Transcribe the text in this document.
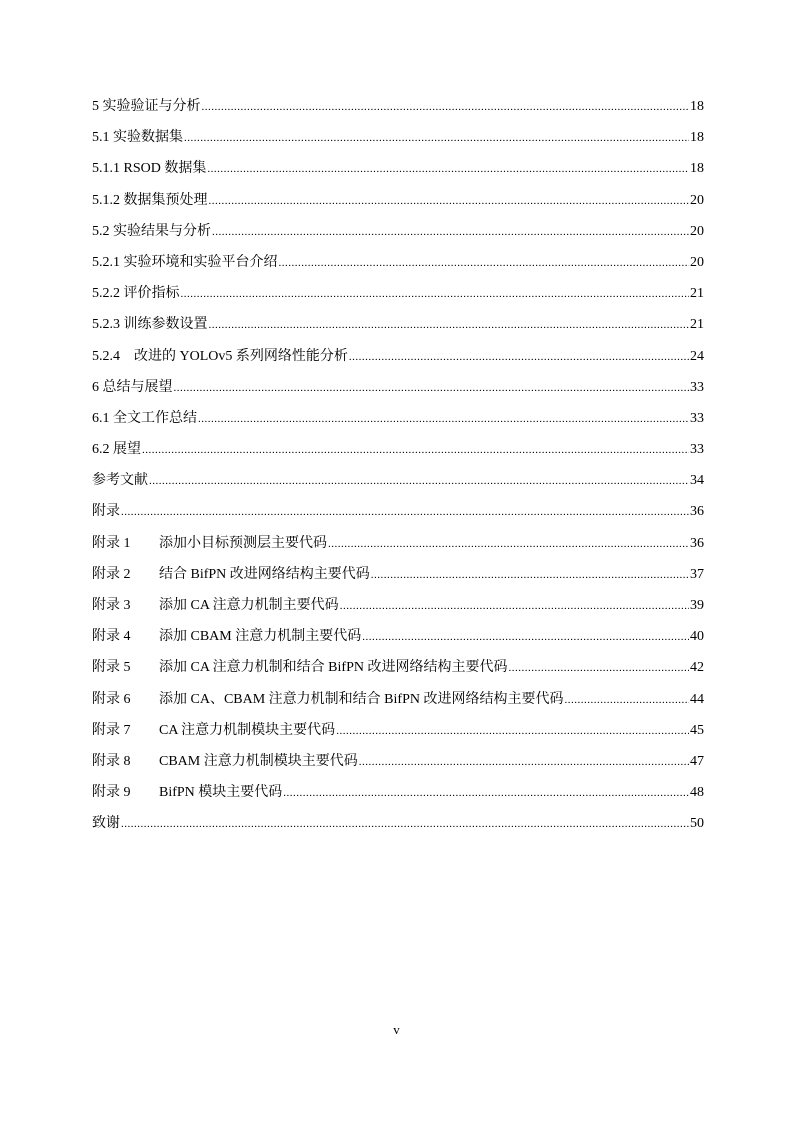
5 实验验证与分析 .....	18
5.1 实验数据集 .....	18
5.1.1 RSOD 数据集 .....	18
5.1.2 数据集预处理 .....	20
5.2 实验结果与分析 .....	20
5.2.1 实验环境和实验平台介绍 .....	20
5.2.2 评价指标 .....	21
5.2.3 训练参数设置 .....	21
5.2.4    改进的 YOLOv5 系列网络性能分析 .....	24
6 总结与展望 .....	33
6.1 全文工作总结 .....	33
6.2 展望 .....	33
参考文献 .....	34
附录 .....	36
附录 1	添加小目标预测层主要代码 .....	36
附录 2	结合 BifPN 改进网络结构主要代码 .....	37
附录 3	添加 CA 注意力机制主要代码 .....	39
附录 4	添加 CBAM 注意力机制主要代码 .....	40
附录 5	添加 CA 注意力机制和结合 BifPN 改进网络结构主要代码 .....	42
附录 6	添加 CA、CBAM 注意力机制和结合 BifPN 改进网络结构主要代码 .....	44
附录 7	CA 注意力机制模块主要代码 .....	45
附录 8	CBAM 注意力机制模块主要代码 .....	47
附录 9	BifPN 模块主要代码 .....	48
致谢 .....	50
v
